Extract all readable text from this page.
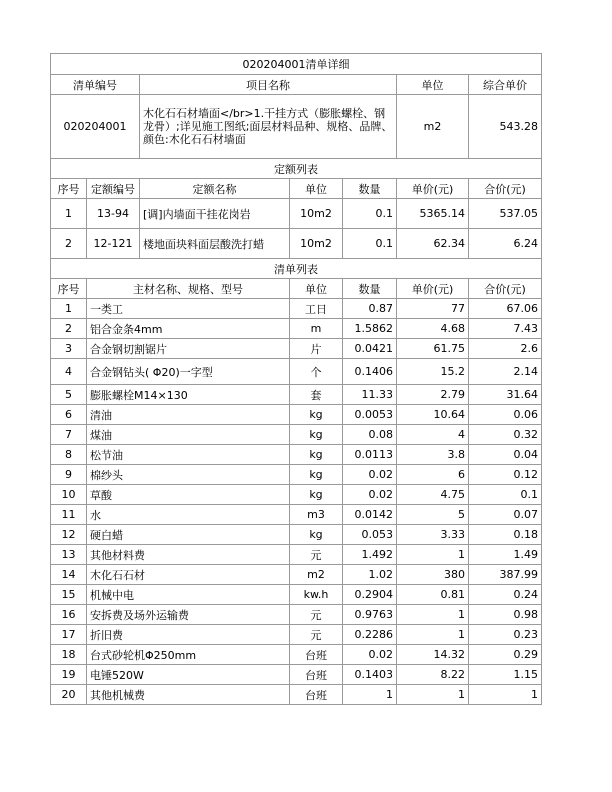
020204001清单详细						
清单编号		项目名称			单位	综合单价
020204001		木化石石材墙面</br>1.干挂方式（膨胀螺栓、钢龙骨）;详见施工图纸;面层材料品种、规格、品牌、颜色:木化石石材墙面			m2	543.28
定额列表						
序号	定额编号	定额名称	单位	数量	单价(元)	合价(元)
1	13-94	[调]内墙面干挂花岗岩	10m2	0.1	5365.14	537.05
2	12-121	楼地面块料面层酸洗打蜡	10m2	0.1	62.34	6.24
清单列表						
序号	主材名称、规格、型号		单位	数量	单价(元)	合价(元)
1	一类工		工日	0.87	77	67.06
2	铝合金条4mm		m	1.5862	4.68	7.43
3	合金钢切割锯片		片	0.0421	61.75	2.6
4	合金钢钻头( Φ20)一字型		个	0.1406	15.2	2.14
5	膨胀螺栓M14×130		套	11.33	2.79	31.64
6	清油		kg	0.0053	10.64	0.06
7	煤油		kg	0.08	4	0.32
8	松节油		kg	0.0113	3.8	0.04
9	棉纱头		kg	0.02	6	0.12
10	草酸		kg	0.02	4.75	0.1
11	水		m3	0.0142	5	0.07
12	硬白蜡		kg	0.053	3.33	0.18
13	其他材料费		元	1.492	1	1.49
14	木化石石材		m2	1.02	380	387.99
15	机械中电		kw.h	0.2904	0.81	0.24
16	安拆费及场外运输费		元	0.9763	1	0.98
17	折旧费		元	0.2286	1	0.23
18	台式砂轮机Φ250mm		台班	0.02	14.32	0.29
19	电锤520W		台班	0.1403	8.22	1.15
20	其他机械费		台班	1	1	1
